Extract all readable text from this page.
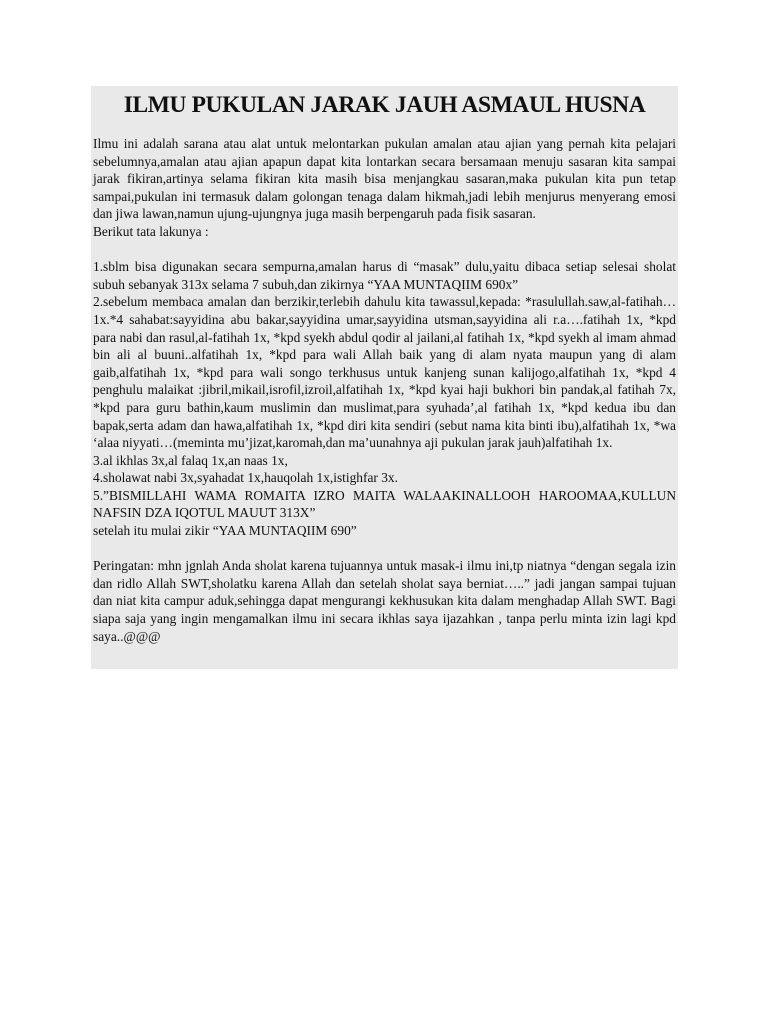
ILMU PUKULAN JARAK JAUH ASMAUL HUSNA

Ilmu ini adalah sarana atau alat untuk melontarkan pukulan amalan atau ajian yang pernah kita pelajari sebelumnya,amalan atau ajian apapun dapat kita lontarkan secara bersamaan menuju sasaran kita sampai jarak fikiran,artinya selama fikiran kita masih bisa menjangkau sasaran,maka pukulan kita pun tetap sampai,pukulan ini termasuk dalam golongan tenaga dalam hikmah,jadi lebih menjurus menyerang emosi dan jiwa lawan,namun ujung-ujungnya juga masih berpengaruh pada fisik sasaran.

Berikut tata lakunya :

1.sblm bisa digunakan secara sempurna,amalan harus di “masak” dulu,yaitu dibaca setiap selesai sholat subuh sebanyak 313x selama 7 subuh,dan zikirnya “YAA MUNTAQIIM 690x”

2.sebelum membaca amalan dan berzikir,terlebih dahulu kita tawassul,kepada: *rasulullah.saw,al-fatihah…1x.*4 sahabat:sayyidina abu bakar,sayyidina umar,sayyidina utsman,sayyidina ali r.a….fatihah 1x, *kpd para nabi dan rasul,al-fatihah 1x, *kpd syekh abdul qodir al jailani,al fatihah 1x, *kpd syekh al imam ahmad bin ali al buuni..alfatihah 1x, *kpd para wali Allah baik yang di alam nyata maupun yang di alam gaib,alfatihah 1x, *kpd para wali songo terkhusus untuk kanjeng sunan kalijogo,alfatihah 1x, *kpd 4 penghulu malaikat :jibril,mikail,isrofil,izroil,alfatihah 1x, *kpd kyai haji bukhori bin pandak,al fatihah 7x, *kpd para guru bathin,kaum muslimin dan muslimat,para syuhada’,al fatihah 1x, *kpd kedua ibu dan bapak,serta adam dan hawa,alfatihah 1x, *kpd diri kita sendiri (sebut nama kita binti ibu),alfatihah 1x, *wa ‘alaa niyyati…(meminta mu’jizat,karomah,dan ma’uunahnya aji pukulan jarak jauh)alfatihah 1x.

3.al ikhlas 3x,al falaq 1x,an naas 1x,

4.sholawat nabi 3x,syahadat 1x,hauqolah 1x,istighfar 3x.

5.”BISMILLAHI WAMA ROMAITA IZRO MAITA WALAAKINALLOOH HAROOMAA,KULLUN NAFSIN DZA IQOTUL MAUUT 313X”

setelah itu mulai zikir “YAA MUNTAQIIM 690”

Peringatan: mhn jgnlah Anda sholat karena tujuannya untuk masak-i ilmu ini,tp niatnya “dengan segala izin dan ridlo Allah SWT,sholatku karena Allah dan setelah sholat saya berniat…..” jadi jangan sampai tujuan dan niat kita campur aduk,sehingga dapat mengurangi kekhusukan kita dalam menghadap Allah SWT. Bagi siapa saja yang ingin mengamalkan ilmu ini secara ikhlas saya ijazahkan , tanpa perlu minta izin lagi kpd saya..@@@
